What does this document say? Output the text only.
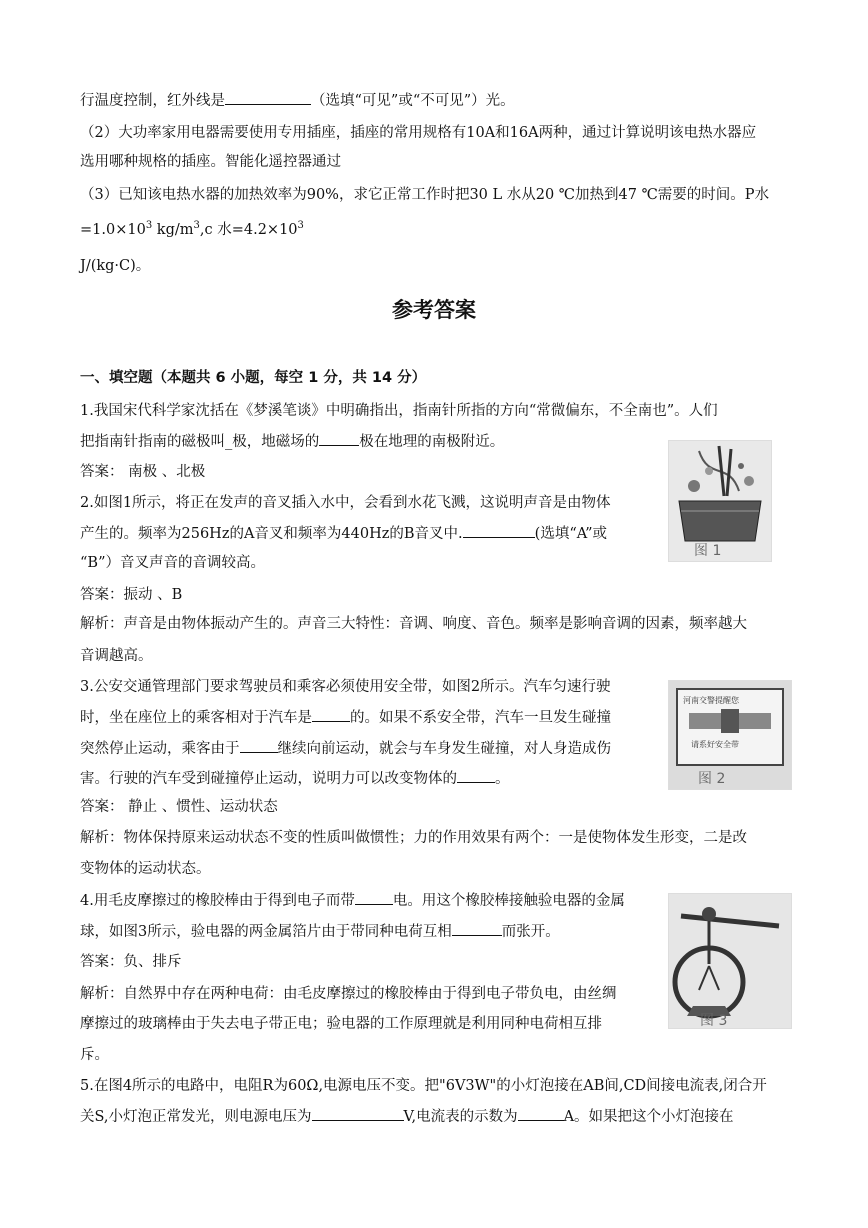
行温度控制，红外线是	（选填“可见”或“不可见”）光。
（2）大功率家用电器需要使用专用插座，插座的常用规格有10A和16A两种，通过计算说明该电热水器应
选用哪种规格的插座。智能化遥控器通过
（3）已知该电热水器的加热效率为90%，求它正常工作时把30 L 水从20 ℃加热到47 ℃需要的时间。P水
$=1.0\times 10^3$ $kg/m^3,c$ 水$=4.2\times 10^3$
J/(kg·C)。
参考答案
一、填空题（本题共 6 小题，每空 1 分，共 14 分）
1.我国宋代科学家沈括在《梦溪笔谈》中明确指出，指南针所指的方向“常微偏东，不全南也”。人们
把指南针指南的磁极叫_极，地磁场的	极在地理的南极附近。
答案： 南极 、北极
2.如图1所示，将正在发声的音叉插入水中，会看到水花飞溅，这说明声音是由物体
产生的。频率为256Hz的A音叉和频率为440Hz的B音叉中.	(选填“A”或
“B”）音叉声音的音调较高。
答案：振动 、B
解析：声音是由物体振动产生的。声音三大特性：音调、响度、音色。频率是影响音调的因素，频率越大
音调越高。
图 1
3.公安交通管理部门要求驾驶员和乘客必须使用安全带，如图2所示。汽车匀速行驶
时，坐在座位上的乘客相对于汽车是	的。如果不系安全带，汽车一旦发生碰撞
突然停止运动，乘客由于	继续向前运动，就会与车身发生碰撞，对人身造成伤
害。行驶的汽车受到碰撞停止运动，说明力可以改变物体的	。
答案： 静止 、惯性、运动状态
解析：物体保持原来运动状态不变的性质叫做惯性；力的作用效果有两个：一是使物体发生形变，二是改
变物体的运动状态。
河南交警提醒您
请系好安全带
图 2
4.用毛皮摩擦过的橡胶棒由于得到电子而带	电。用这个橡胶棒接触验电器的金属
球，如图3所示，验电器的两金属箔片由于带同种电荷互相	而张开。
答案：负、排斥
解析：自然界中存在两种电荷：由毛皮摩擦过的橡胶棒由于得到电子带负电，由丝绸
摩擦过的玻璃棒由于失去电子带正电；验电器的工作原理就是利用同种电荷相互排
斥。
图 3
5.在图4所示的电路中，电阻R为60Ω,电源电压不变。把"6V3W"的小灯泡接在AB间,CD间接电流表,闭合开
关S,小灯泡正常发光，则电源电压为	V,电流表的示数为	A。如果把这个小灯泡接在
